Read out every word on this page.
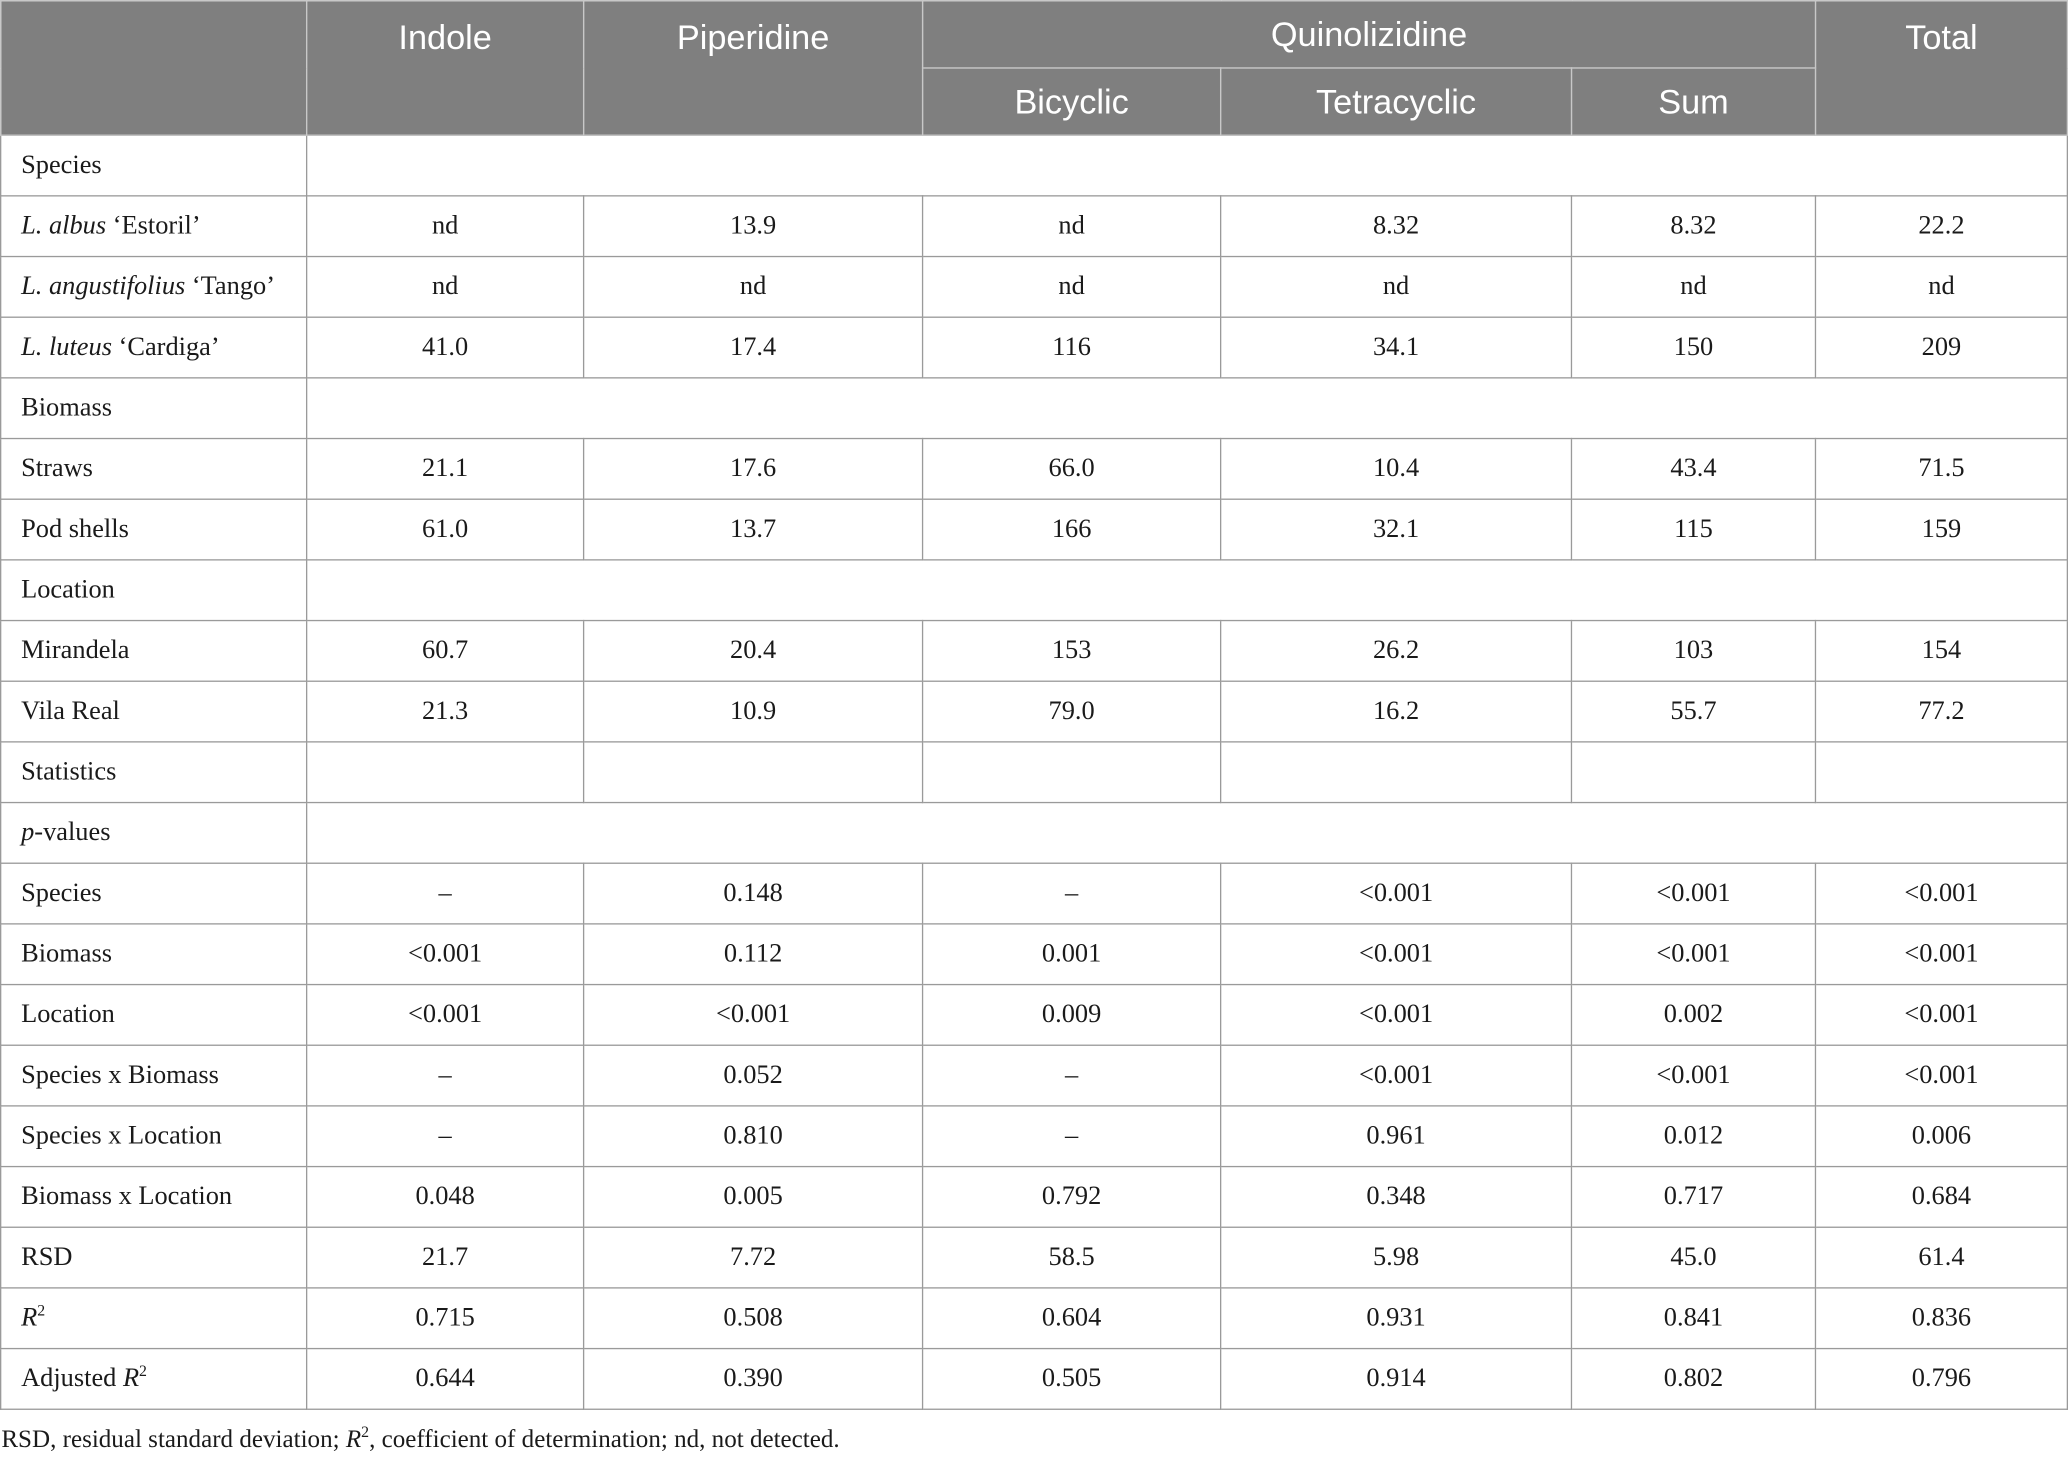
	Indole	Piperidine	Quinolizidine			Total
			Bicyclic	Tetracyclic	Sum	
Species						
L. albus ‘Estoril’	nd	13.9	nd	8.32	8.32	22.2
L. angustifolius ‘Tango’	nd	nd	nd	nd	nd	nd
L. luteus ‘Cardiga’	41.0	17.4	116	34.1	150	209
Biomass						
Straws	21.1	17.6	66.0	10.4	43.4	71.5
Pod shells	61.0	13.7	166	32.1	115	159
Location						
Mirandela	60.7	20.4	153	26.2	103	154
Vila Real	21.3	10.9	79.0	16.2	55.7	77.2
Statistics						
p-values						
Species	–	0.148	–	<0.001	<0.001	<0.001
Biomass	<0.001	0.112	0.001	<0.001	<0.001	<0.001
Location	<0.001	<0.001	0.009	<0.001	0.002	<0.001
Species x Biomass	–	0.052	–	<0.001	<0.001	<0.001
Species x Location	–	0.810	–	0.961	0.012	0.006
Biomass x Location	0.048	0.005	0.792	0.348	0.717	0.684
RSD	21.7	7.72	58.5	5.98	45.0	61.4
$R^2$	0.715	0.508	0.604	0.931	0.841	0.836
Adjusted $R^2$	0.644	0.390	0.505	0.914	0.802	0.796
RSD, residual standard deviation; $R^2$, coefficient of determination; nd, not detected.
